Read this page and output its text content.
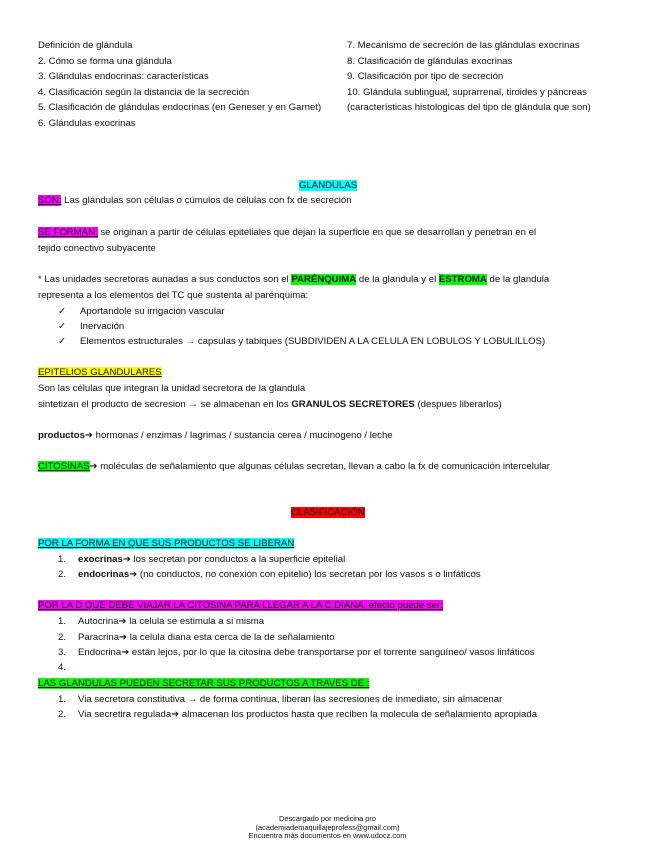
Definición de glándula
2. Cómo se forma una glándula
3. Glándulas endocrinas: características
4. Clasificación según la distancia de la secreción
5. Clasificación de glándulas endocrinas (en Geneser y en Garnet)
6. Glándulas exocrinas
7. Mecanismo de secreción de las glándulas exocrinas
8. Clasificación de glándulas exocrinas
9. Clasificación por tipo de secreción
10. Glándula sublingual, suprarrenal, tiroides y páncreas (características histologicas del tipo de glándula que son)
GLANDULAS
SON: Las glándulas son células o cúmulos de células con fx de secreción
SE FORMAN: se originan a partir de células epiteliales que dejan la superficie en que se desarrollan y penetran en el
tejido conectivo subyacente
* Las unidades secretoras aunadas a sus conductos son el PARÉNQUIMA de la glandula y el ESTROMA de la glandula
representa a los elementos del TC que sustenta al parénquima:
✓ Aportandole su irrigación vascular
✓ Inervación
✓ Elementos estructurales → capsulas y tabiques (SUBDIVIDEN A LA CELULA EN LOBULOS Y LOBULILLOS)
EPITELIOS GLANDULARES
Son las células que integran la unidad secretora de la glandula
sintetizan el producto de secresion → se almacenan en los GRANULOS SECRETORES (despues liberarlos)
productos➔ hormonas / enzimas / lagrimas / sustancia cerea / mucinogeno / leche
CITOSINAS➔ moléculas de señalamiento que algunas células secretan, llevan a cabo la fx de comunicación intercelular
CLASIFICACIÓN
POR LA FORMA EN QUE SUS PRODUCTOS SE LIBERAN
1. exocrinas➔ los secretan por conductos a la superficie epitelial
2. endocrinas➔ (no conductos, no conexión con epitelio) los secretan por los vasos s o linfáticos
POR LA D QUE DEBE VIAJAR LA CITOSINA PARA LLEGAR A LA C DIANA, efecto puede ser:
1. Autocrina➔ la celula se estimula a si misma
2. Paracrina➔ la celula diana esta cerca de la de señalamiento
3. Endocrina➔ están lejos, por lo que la citosina debe transportarse por el torrente sanguíneo/ vasos linfáticos
4.
LAS GLANDULAS PUEDEN SECRETAR SUS PRODUCTOS A TRAVES DE :
1. Via secretora constitutiva → de forma continua, liberan las secresiones de inmediato, sin almacenar
2. Via secretira regulada➔ almacenan los productos hasta que reciben la molecula de señalamiento apropiada
Descargado por medicina pro
(academiademaquillajeprofess@gmail.com)
Encuentra más documentos en www.udocz.com
